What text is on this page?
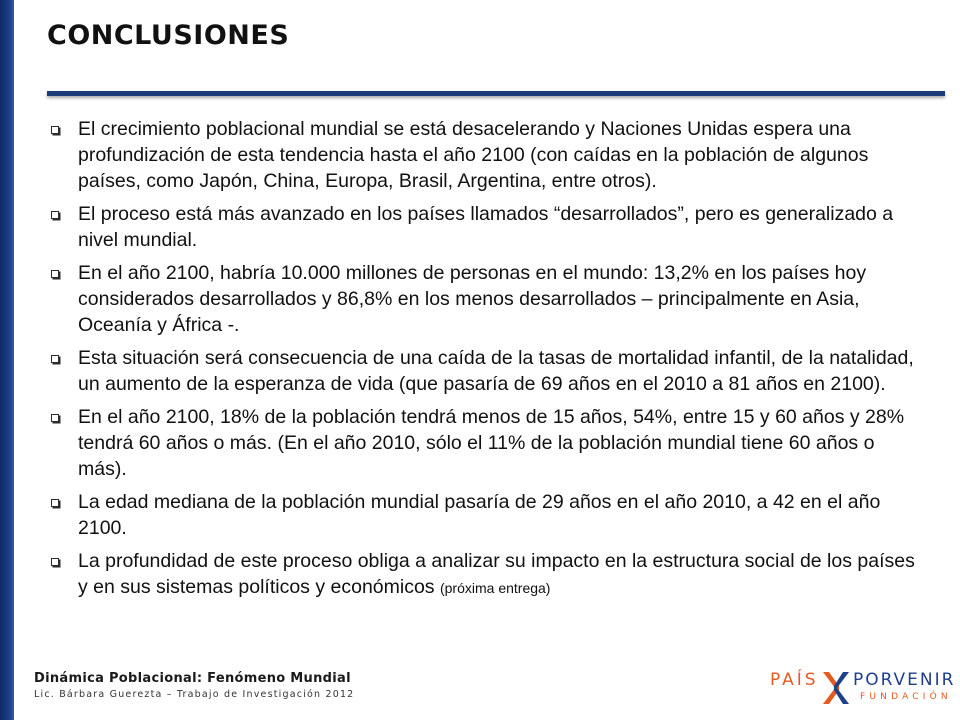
CONCLUSIONES
El crecimiento poblacional mundial se está desacelerando y Naciones Unidas espera una profundización de esta tendencia hasta el año 2100 (con caídas en la población de algunos países, como Japón, China, Europa, Brasil, Argentina, entre otros).
El proceso está más avanzado en los países llamados “desarrollados”, pero es generalizado a nivel mundial.
En el año 2100, habría 10.000 millones de personas en el mundo: 13,2% en los países hoy considerados desarrollados y 86,8% en los menos desarrollados – principalmente en Asia, Oceanía y África -.
Esta situación será consecuencia de una caída de la tasas de mortalidad infantil, de la natalidad, un aumento de la esperanza de vida (que pasaría de 69 años en el 2010 a 81 años en 2100).
En el año 2100, 18% de la población tendrá menos de 15 años, 54%, entre 15 y 60 años y 28% tendrá 60 años o más. (En el año 2010, sólo el 11% de la población mundial tiene 60 años o más).
La edad mediana de la población mundial pasaría de 29 años en el año 2010, a 42 en el año 2100.
La profundidad de este proceso obliga a analizar su impacto en la estructura social de los países y en sus sistemas políticos y económicos (próxima entrega)

Dinámica Poblacional: Fenómeno Mundial

Lic. Bárbara Guerezta – Trabajo de Investigación 2012

PAÍS PORVENIR
FUNDACIÓN
